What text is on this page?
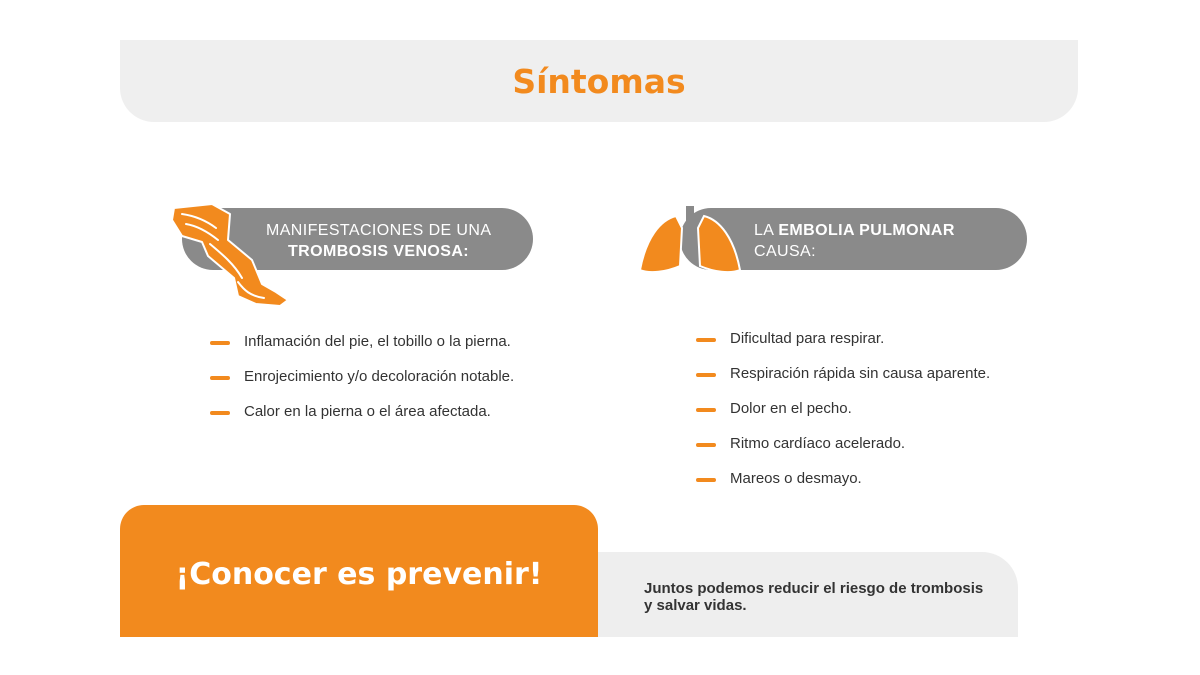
Síntomas
MANIFESTACIONES DE UNA
TROMBOSIS VENOSA:
Inflamación del pie, el tobillo o la pierna.
Enrojecimiento y/o decoloración notable.
Calor en la pierna o el área afectada.
LA EMBOLIA PULMONAR
CAUSA:
Dificultad para respirar.
Respiración rápida sin causa aparente.
Dolor en el pecho.
Ritmo cardíaco acelerado.
Mareos o desmayo.
¡Conocer es prevenir!	Juntos podemos reducir el riesgo de trombosis y salvar vidas.
